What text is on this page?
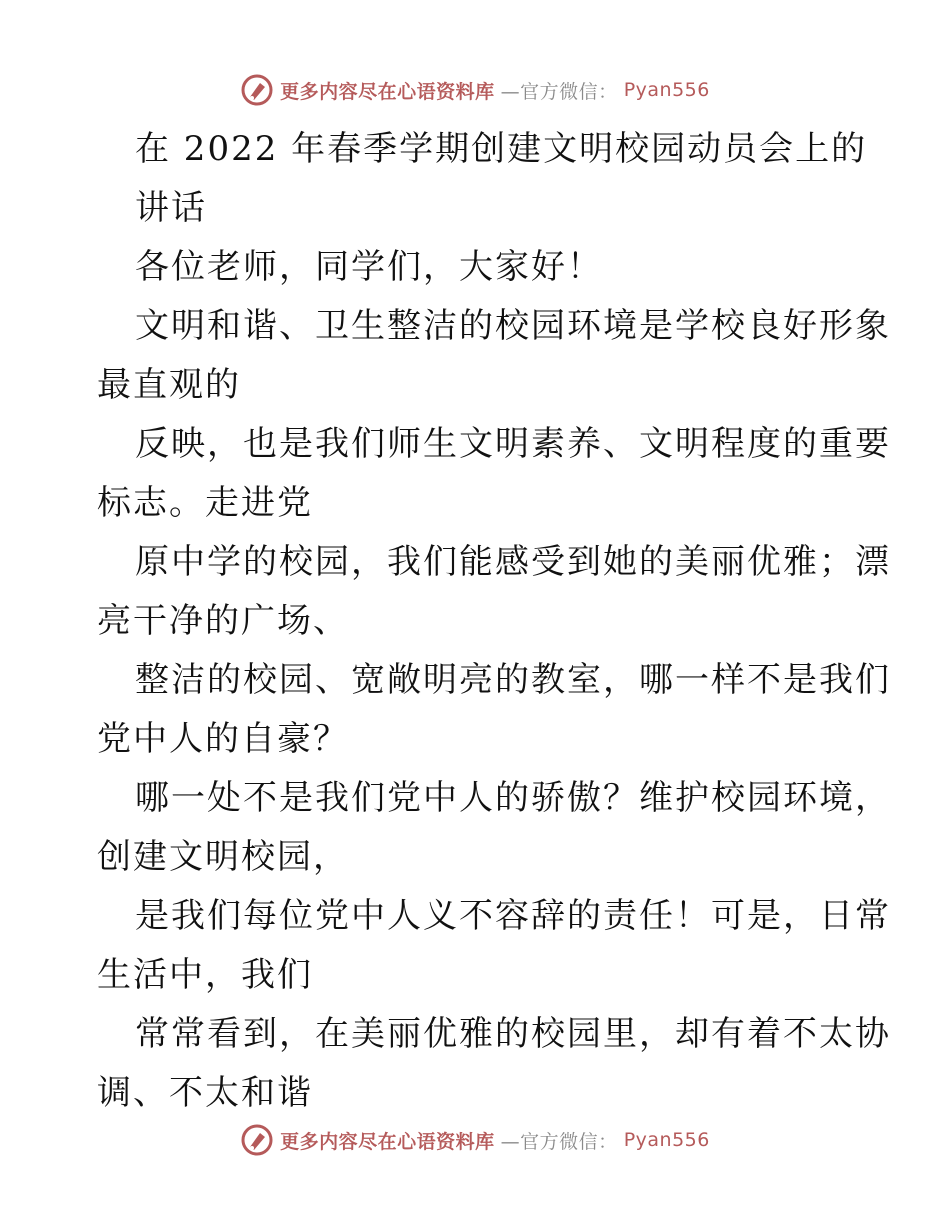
更多内容尽在心语资料库 —官方微信： Pyan556
在 2022 年春季学期创建文明校园动员会上的
讲话
各位老师，同学们，大家好！
文明和谐、卫生整洁的校园环境是学校良好形象
最直观的
反映，也是我们师生文明素养、文明程度的重要
标志。走进党
原中学的校园，我们能感受到她的美丽优雅；漂
亮干净的广场、
整洁的校园、宽敞明亮的教室，哪一样不是我们
党中人的自豪？
哪一处不是我们党中人的骄傲？维护校园环境，
创建文明校园，
是我们每位党中人义不容辞的责任！可是，日常
生活中，我们
常常看到，在美丽优雅的校园里，却有着不太协
调、不太和谐
更多内容尽在心语资料库 —官方微信： Pyan556
